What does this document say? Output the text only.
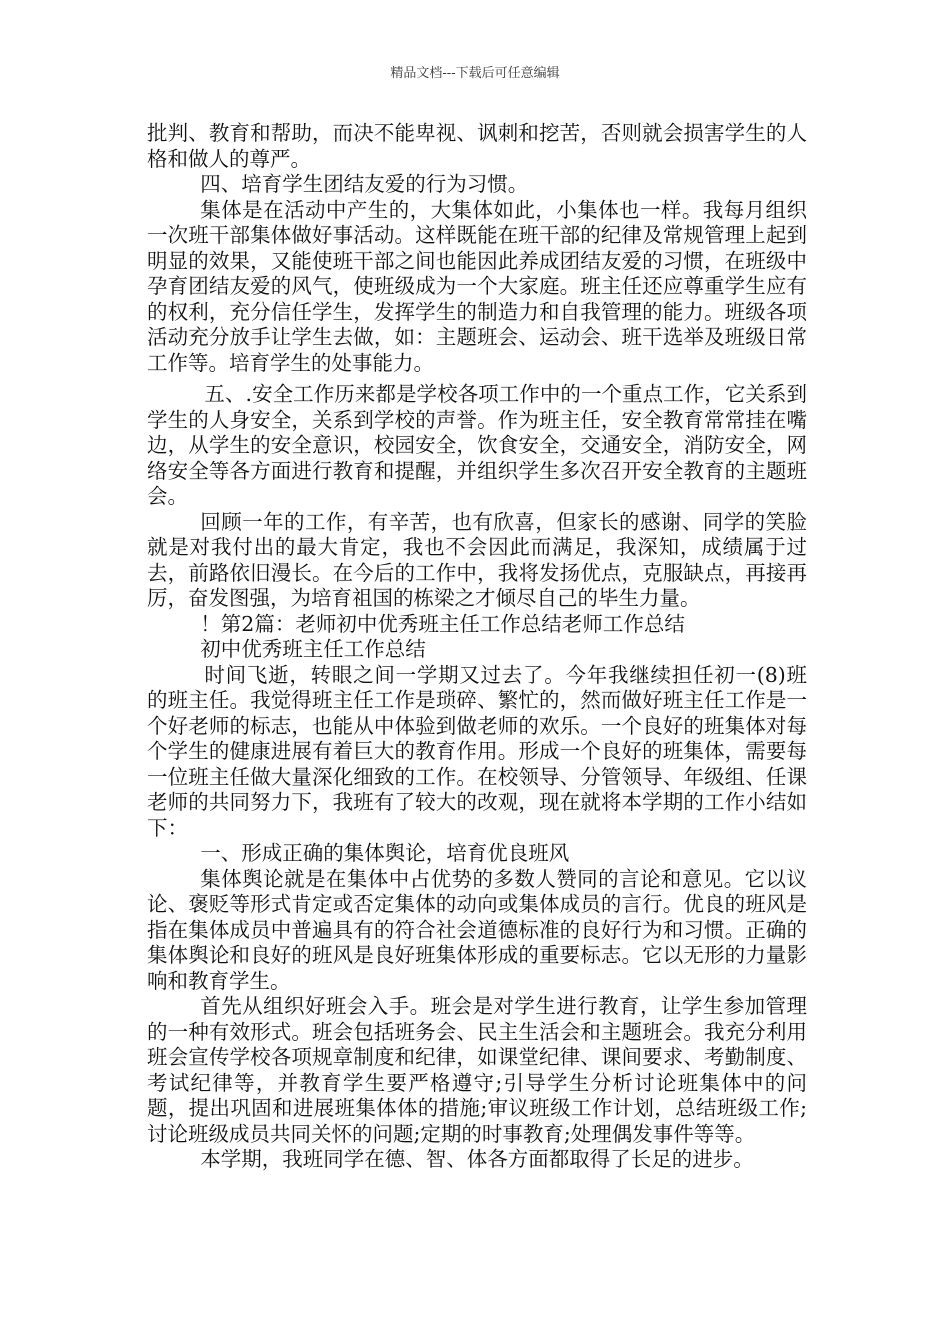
精品文档---下载后可任意编辑

批判、教育和帮助，而决不能卑视、讽刺和挖苦，否则就会损害学生的人格和做人的尊严。

四、培育学生团结友爱的行为习惯。

集体是在活动中产生的，大集体如此，小集体也一样。我每月组织一次班干部集体做好事活动。这样既能在班干部的纪律及常规管理上起到明显的效果，又能使班干部之间也能因此养成团结友爱的习惯，在班级中孕育团结友爱的风气，使班级成为一个大家庭。班主任还应尊重学生应有的权利，充分信任学生，发挥学生的制造力和自我管理的能力。班级各项活动充分放手让学生去做，如：主题班会、运动会、班干选举及班级日常工作等。培育学生的处事能力。

五、.安全工作历来都是学校各项工作中的一个重点工作，它关系到学生的人身安全，关系到学校的声誉。作为班主任，安全教育常常挂在嘴边，从学生的安全意识，校园安全，饮食安全，交通安全，消防安全，网络安全等各方面进行教育和提醒，并组织学生多次召开安全教育的主题班会。

回顾一年的工作，有辛苦，也有欣喜，但家长的感谢、同学的笑脸就是对我付出的最大肯定，我也不会因此而满足，我深知，成绩属于过去，前路依旧漫长。在今后的工作中，我将发扬优点，克服缺点，再接再厉，奋发图强，为培育祖国的栋梁之才倾尽自己的毕生力量。

！第2篇：老师初中优秀班主任工作总结老师工作总结

初中优秀班主任工作总结

时间飞逝，转眼之间一学期又过去了。今年我继续担任初一(8)班的班主任。我觉得班主任工作是琐碎、繁忙的，然而做好班主任工作是一个好老师的标志，也能从中体验到做老师的欢乐。一个良好的班集体对每个学生的健康进展有着巨大的教育作用。形成一个良好的班集体，需要每一位班主任做大量深化细致的工作。在校领导、分管领导、年级组、任课老师的共同努力下，我班有了较大的改观，现在就将本学期的工作小结如下：

一、形成正确的集体舆论，培育优良班风

集体舆论就是在集体中占优势的多数人赞同的言论和意见。它以议论、褒贬等形式肯定或否定集体的动向或集体成员的言行。优良的班风是指在集体成员中普遍具有的符合社会道德标准的良好行为和习惯。正确的集体舆论和良好的班风是良好班集体形成的重要标志。它以无形的力量影响和教育学生。

首先从组织好班会入手。班会是对学生进行教育，让学生参加管理的一种有效形式。班会包括班务会、民主生活会和主题班会。我充分利用班会宣传学校各项规章制度和纪律，如课堂纪律、课间要求、考勤制度、考试纪律等，并教育学生要严格遵守;引导学生分析讨论班集体中的问题，提出巩固和进展班集体体的措施;审议班级工作计划，总结班级工作;讨论班级成员共同关怀的问题;定期的时事教育;处理偶发事件等等。

本学期，我班同学在德、智、体各方面都取得了长足的进步。
